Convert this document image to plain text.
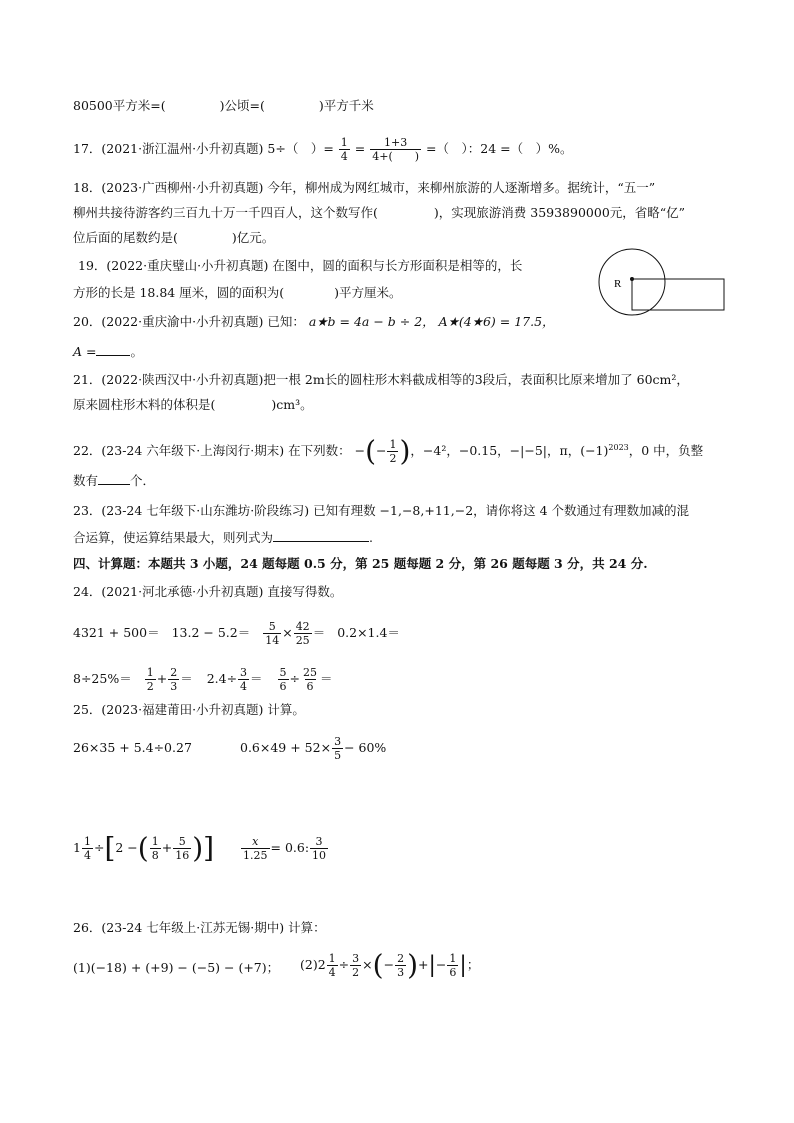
80500平方米=(	)公顷=(	)平方千米
17．(2021·浙江温州·小升初真题) 5÷（　）= $\frac{1}{4} = \frac{1+3}{4+( )}$ =（　）：24 =（　）%。
18．(2023·广西柳州·小升初真题) 今年，柳州成为网红城市，来柳州旅游的人逐渐增多。据统计，“五一”
柳州共接待游客约三百九十万一千四百人，这个数写作(	)，实现旅游消费 3593890000元，省略“亿”
位后面的尾数约是(	)亿元。
19．(2022·重庆璧山·小升初真题) 在图中，圆的面积与长方形面积是相等的，长
方形的长是 18.84 厘米，圆的面积为(	)平方厘米。
R
20．(2022·重庆渝中·小升初真题) 已知： a★b = 4a − b ÷ 2， A★(4★6) = 17.5，
A =	。
21．(2022·陕西汉中·小升初真题)把一根 2m长的圆柱形木料截成相等的3段后，表面积比原来增加了 60cm²，
原来圆柱形木料的体积是(	)cm³。
22．(23-24 六年级下·上海闵行·期末) 在下列数： −(− $\frac{1}{2}$ )，−4²，−0.15，−|−5|，π，$(-1)^{2023}$，0 中，负整
数有	个．
23．(23-24 七年级下·山东潍坊·阶段练习) 已知有理数 −1,−8,+11,−2，请你将这 4 个数通过有理数加减的混
合运算，使运算结果最大，则列式为	.
四、计算题：本题共 3 小题，24 题每题 0.5 分，第 25 题每题 2 分，第 26 题每题 3 分，共 24 分.
24．(2021·河北承德·小升初真题) 直接写得数。
$4321 + 500= 13.2 - 5.2= \frac{5}{14} \times \frac{42}{25} = 0.2\times 1.4=$
$8\div 25\%= \frac{1}{2} + \frac{2}{3} = 2.4\div \frac{3}{4} = \frac{5}{6} \div \frac{25}{6}$ ＝
25．(2023·福建莆田·小升初真题) 计算。
26×35 + 5.4÷0.27	$0.6\times 49 + 52\times \frac{3}{5} - 60\%$
$1 \frac{1}{4} \div[2$ −( $\frac{1}{8} + \frac{5}{16}$ )] $\frac{x}{1.25} = 0.6$: $\frac{3}{10}$
26．(23-24 七年级上·江苏无锡·期中) 计算：
(1)(−18) + (+9) − (−5) − (+7)； $(2)2 \frac{1}{4} \div \frac{3}{2}$ ×(− $\frac{2}{3}$ )+|− $\frac{1}{6}$ |；
